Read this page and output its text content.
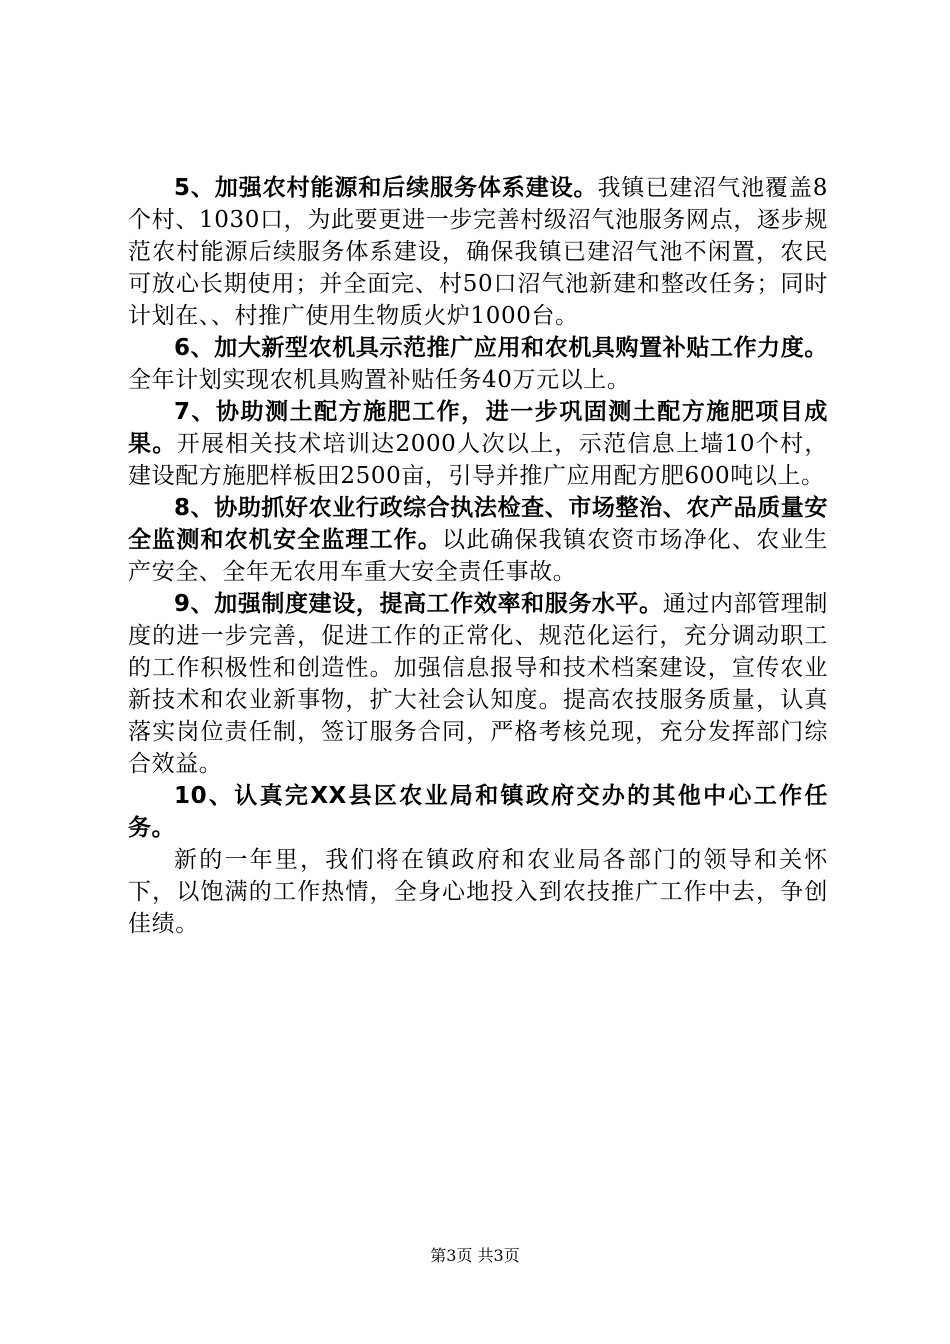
5、加强农村能源和后续服务体系建设。我镇已建沼气池覆盖8个村、1030口，为此要更进一步完善村级沼气池服务网点，逐步规范农村能源后续服务体系建设，确保我镇已建沼气池不闲置，农民可放心长期使用；并全面完、村50口沼气池新建和整改任务；同时计划在、、村推广使用生物质火炉1000台。

6、加大新型农机具示范推广应用和农机具购置补贴工作力度。全年计划实现农机具购置补贴任务40万元以上。

7、协助测土配方施肥工作，进一步巩固测土配方施肥项目成果。开展相关技术培训达2000人次以上，示范信息上墙10个村，建设配方施肥样板田2500亩，引导并推广应用配方肥600吨以上。

8、协助抓好农业行政综合执法检查、市场整治、农产品质量安全监测和农机安全监理工作。以此确保我镇农资市场净化、农业生产安全、全年无农用车重大安全责任事故。

9、加强制度建设，提高工作效率和服务水平。通过内部管理制度的进一步完善，促进工作的正常化、规范化运行，充分调动职工的工作积极性和创造性。加强信息报导和技术档案建设，宣传农业新技术和农业新事物，扩大社会认知度。提高农技服务质量，认真落实岗位责任制，签订服务合同，严格考核兑现，充分发挥部门综合效益。

10、认真完XX县区农业局和镇政府交办的其他中心工作任务。

新的一年里，我们将在镇政府和农业局各部门的领导和关怀下，以饱满的工作热情，全身心地投入到农技推广工作中去，争创佳绩。

第3页 共3页
